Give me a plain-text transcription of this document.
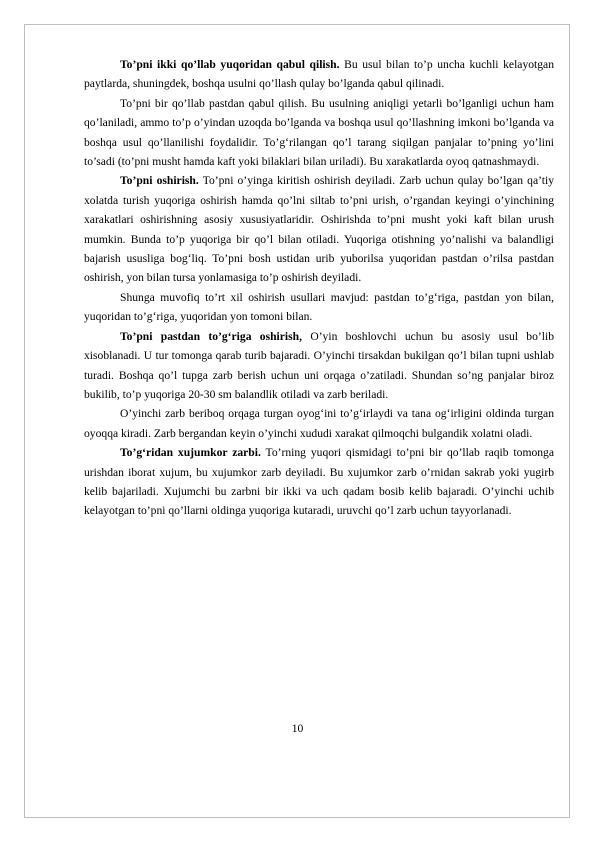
To’pni ikki qo’llab yuqoridan qabul qilish. Bu usul bilan to’p uncha kuchli kelayotgan paytlarda, shuningdek, boshqa usulni qo’llash qulay bo’lganda qabul qilinadi.

To’pni bir qo’llab pastdan qabul qilish. Bu usulning aniqligi yetarli bo’lganligi uchun ham qo’laniladi, ammo to’p o’yindan uzoqda bo’lganda va boshqa usul qo’llashning imkoni bo’lganda va boshqa usul qo’llanilishi foydalidir. To’g‘rilangan qo’l tarang siqilgan panjalar to’pning yo’lini to’sadi (to’pni musht hamda kaft yoki bilaklari bilan uriladi). Bu xarakatlarda oyoq qatnashmaydi.

To’pni oshirish. To’pni o’yinga kiritish oshirish deyiladi. Zarb uchun qulay bo’lgan qa’tiy xolatda turish yuqoriga oshirish hamda qo’lni siltab to’pni urish, o’rgandan keyingi o’yinchining xarakatlari oshirishning asosiy xususiyatlaridir. Oshirishda to’pni musht yoki kaft bilan urush mumkin. Bunda to’p yuqoriga bir qo’l bilan otiladi. Yuqoriga otishning yo’nalishi va balandligi bajarish ususliga bog‘liq. To’pni bosh ustidan urib yuborilsa yuqoridan pastdan o’rilsa pastdan oshirish, yon bilan tursa yonlamasiga to’p oshirish deyiladi.

Shunga muvofiq to’rt xil oshirish usullari mavjud: pastdan to’g‘riga, pastdan yon bilan, yuqoridan to’g‘riga, yuqoridan yon tomoni bilan.

To’pni pastdan to’g‘riga oshirish, O’yin boshlovchi uchun bu asosiy usul bo’lib xisoblanadi. U tur tomonga qarab turib bajaradi. O’yinchi tirsakdan bukilgan qo’l bilan tupni ushlab turadi. Boshqa qo’l tupga zarb berish uchun uni orqaga o’zatiladi. Shundan so’ng panjalar biroz bukilib, to’p yuqoriga 20-30 sm balandlik otiladi va zarb beriladi.

O’yinchi zarb beriboq orqaga turgan oyog‘ini to’g‘irlaydi va tana og‘irligini oldinda turgan oyoqqa kiradi. Zarb bergandan keyin o’yinchi xududi xarakat qilmoqchi bulgandik xolatni oladi.

To’g‘ridan xujumkor zarbi. To’rning yuqori qismidagi to’pni bir qo’llab raqib tomonga urishdan iborat xujum, bu xujumkor zarb deyiladi. Bu xujumkor zarb o’rnidan sakrab yoki yugirb kelib bajariladi. Xujumchi bu zarbni bir ikki va uch qadam bosib kelib bajaradi. O’yinchi uchib kelayotgan to’pni qo’llarni oldinga yuqoriga kutaradi, uruvchi qo’l zarb uchun tayyorlanadi.

10
